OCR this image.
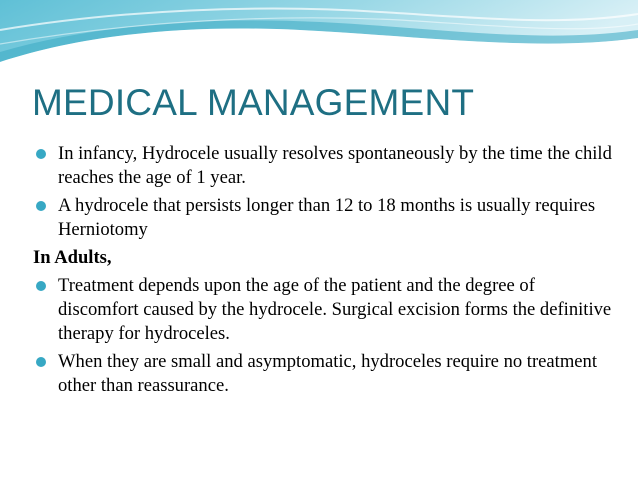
MEDICAL MANAGEMENT
In infancy, Hydrocele usually resolves spontaneously by the time the child reaches the age of 1 year.
A hydrocele that persists longer than 12 to 18 months is usually requires Herniotomy
In Adults,
Treatment depends upon the age of the patient and the degree of discomfort caused by the hydrocele. Surgical excision forms the definitive therapy for hydroceles.
When they are small and asymptomatic, hydroceles require no treatment other than reassurance.
